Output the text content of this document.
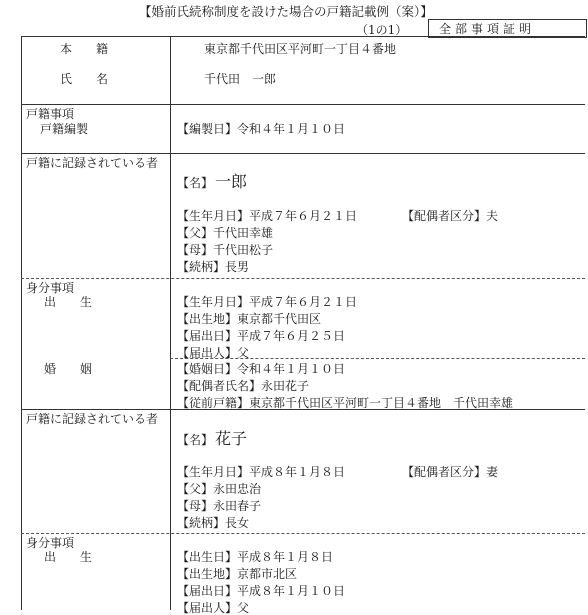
【婚前氏続称制度を設けた場合の戸籍記載例（案）】
（1の1）	全部事項証明
本　　籍	東京都千代田区平河町一丁目４番地
氏　　名	千代田　一郎
戸籍事項
戸籍編製	【編製日】令和４年１月１０日
戸籍に記録されている者
【名】 一郎
【生年月日】平成７年６月２１日	【配偶者区分】夫
【父】千代田幸雄
【母】千代田松子
【続柄】長男
身分事項
出　　生	【生年月日】平成７年６月２１日
【出生地】東京都千代田区
【届出日】平成７年６月２５日
【届出人】父
婚　　姻	【婚姻日】令和４年１月１０日
【配偶者氏名】永田花子
【従前戸籍】東京都千代田区平河町一丁目４番地　千代田幸雄
戸籍に記録されている者
【名】 花子
【生年月日】平成８年１月８日	【配偶者区分】妻
【父】永田忠治
【母】永田春子
【続柄】長女
身分事項
出　　生	【出生日】平成８年１月８日
【出生地】京都市北区
【届出日】平成８年１月１０日
【届出人】父
